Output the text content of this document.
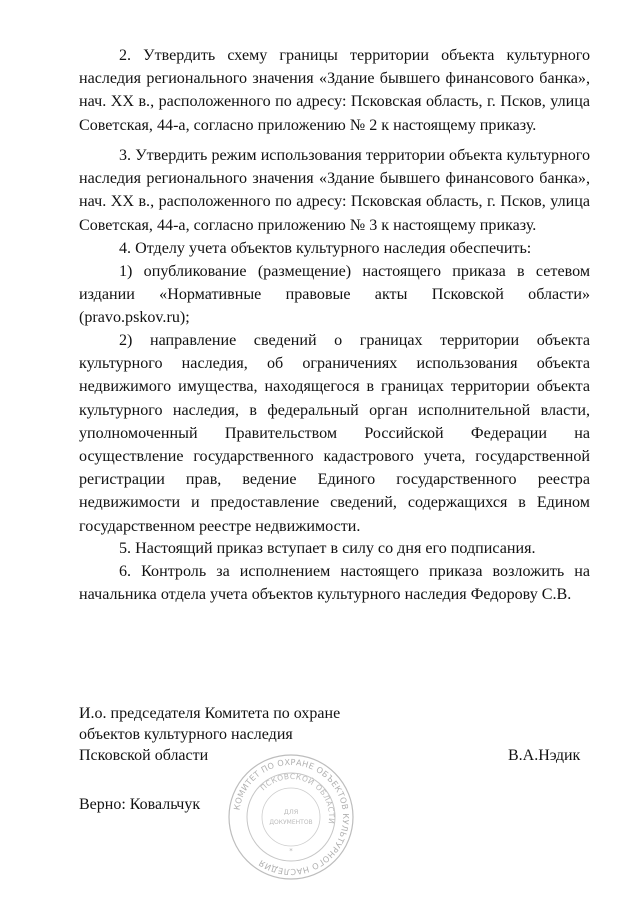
2. Утвердить схему границы территории объекта культурного наследия регионального значения «Здание бывшего финансового банка», нач. XX в., расположенного по адресу: Псковская область, г. Псков, улица Советская, 44-а, согласно приложению № 2 к настоящему приказу.

3. Утвердить режим использования территории объекта культурного наследия регионального значения «Здание бывшего финансового банка», нач. XX в., расположенного по адресу: Псковская область, г. Псков, улица Советская, 44-а, согласно приложению № 3 к настоящему приказу.

4. Отделу учета объектов культурного наследия обеспечить:

1) опубликование (размещение) настоящего приказа в сетевом издании «Нормативные правовые акты Псковской области» (pravo.pskov.ru);

2) направление сведений о границах территории объекта культурного наследия, об ограничениях использования объекта недвижимого имущества, находящегося в границах территории объекта культурного наследия, в федеральный орган исполнительной власти, уполномоченный Правительством Российской Федерации на осуществление государственного кадастрового учета, государственной регистрации прав, ведение Единого государственного реестра недвижимости и предоставление сведений, содержащихся в Едином государственном реестре недвижимости.

5. Настоящий приказ вступает в силу со дня его подписания.

6. Контроль за исполнением настоящего приказа возложить на начальника отдела учета объектов культурного наследия Федорову С.В.

И.о. председателя Комитета по охране

объектов культурного наследия

Псковской области	В.А.Нэдик

Верно: Ковальчук	КОМИТЕТ ПО ОХРАНЕ ОБЪЕКТОВ КУЛЬТУРНОГО НАСЛЕДИЯ
ПСКОВСКОЙ ОБЛАСТИ
ДЛЯ
ДОКУМЕНТОВ
*
